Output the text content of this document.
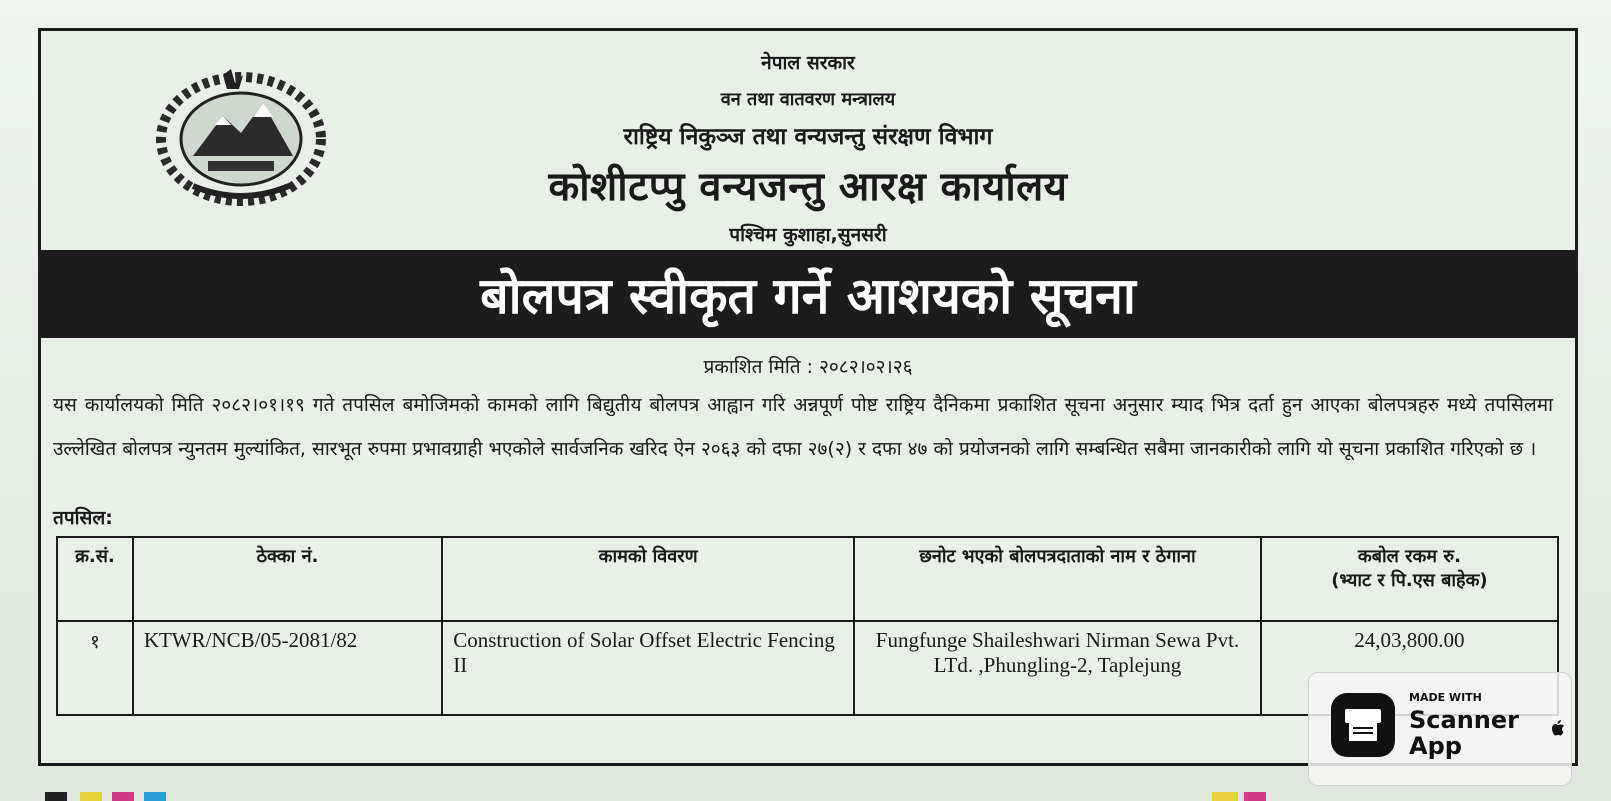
नेपाल सरकार
वन तथा वातवरण मन्त्रालय
राष्ट्रिय निकुञ्ज तथा वन्यजन्तु संरक्षण विभाग
कोशीटप्पु वन्यजन्तु आरक्ष कार्यालय
पश्चिम कुशाहा,सुनसरी
बोलपत्र स्वीकृत गर्ने आशयको सूचना
प्रकाशित मिति : २०८२।०२।२६
यस कार्यालयको मिति २०८२।०१।१९ गते तपसिल बमोजिमको कामको लागि बिद्युतीय बोलपत्र आह्वान गरि अन्नपूर्ण पोष्ट राष्ट्रिय दैनिकमा प्रकाशित सूचना अनुसार म्याद भित्र दर्ता हुन आएका बोलपत्रहरु मध्ये तपसिलमा उल्लेखित बोलपत्र न्युनतम मुल्यांकित, सारभूत रुपमा प्रभावग्राही भएकोले सार्वजनिक खरिद ऐन २०६३ को दफा २७(२) र दफा ४७ को प्रयोजनको लागि सम्बन्धित सबैमा जानकारीको लागि यो सूचना प्रकाशित गरिएको छ ।
तपसिल:
क्र.सं.	ठेक्का नं.	कामको विवरण	छनोट भएको बोलपत्रदाताको नाम र ठेगाना	कबोल रकम रु.
(भ्याट र पि.एस बाहेक)

१	KTWR/NCB/05-2081/82	Construction of Solar Offset Electric Fencing II	Fungfunge Shaileshwari Nirman Sewa Pvt. LTd. ,Phungling-2, Taplejung	24,03,800.00
MADE WITH
Scanner App
